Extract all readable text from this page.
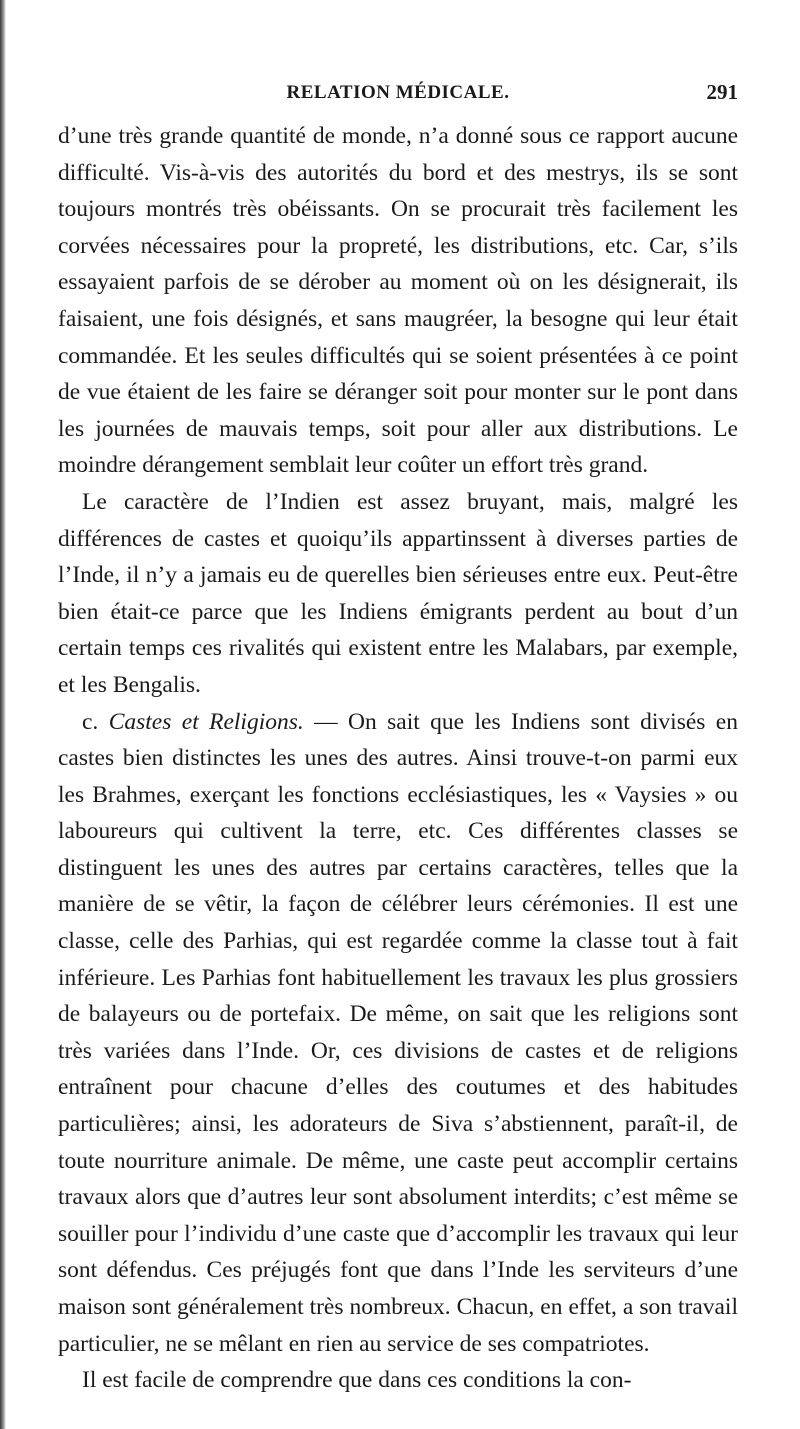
RELATION MÉDICALE.	291

d’une très grande quantité de monde, n’a donné sous ce rapport aucune difficulté. Vis-à-vis des autorités du bord et des mestrys, ils se sont toujours montrés très obéissants. On se procurait très facilement les corvées nécessaires pour la propreté, les distributions, etc. Car, s’ils essayaient parfois de se dérober au moment où on les désignerait, ils faisaient, une fois désignés, et sans maugréer, la besogne qui leur était commandée. Et les seules difficultés qui se soient présentées à ce point de vue étaient de les faire se déranger soit pour monter sur le pont dans les journées de mauvais temps, soit pour aller aux distributions. Le moindre dérangement semblait leur coûter un effort très grand.

Le caractère de l’Indien est assez bruyant, mais, malgré les différences de castes et quoiqu’ils appartinssent à diverses parties de l’Inde, il n’y a jamais eu de querelles bien sérieuses entre eux. Peut-être bien était-ce parce que les Indiens émigrants perdent au bout d’un certain temps ces rivalités qui existent entre les Malabars, par exemple, et les Bengalis.

c. Castes et Religions. — On sait que les Indiens sont divisés en castes bien distinctes les unes des autres. Ainsi trouve-t-on parmi eux les Brahmes, exerçant les fonctions ecclésiastiques, les « Vaysies » ou laboureurs qui cultivent la terre, etc. Ces différentes classes se distinguent les unes des autres par certains caractères, telles que la manière de se vêtir, la façon de célébrer leurs cérémonies. Il est une classe, celle des Parhias, qui est regardée comme la classe tout à fait inférieure. Les Parhias font habituellement les travaux les plus grossiers de balayeurs ou de portefaix. De même, on sait que les religions sont très variées dans l’Inde. Or, ces divisions de castes et de religions entraînent pour chacune d’elles des coutumes et des habitudes particulières; ainsi, les adorateurs de Siva s’abstiennent, paraît-il, de toute nourriture animale. De même, une caste peut accomplir certains travaux alors que d’autres leur sont absolument interdits; c’est même se souiller pour l’individu d’une caste que d’accomplir les travaux qui leur sont défendus. Ces préjugés font que dans l’Inde les serviteurs d’une maison sont généralement très nombreux. Chacun, en effet, a son travail particulier, ne se mêlant en rien au service de ses compatriotes.

Il est facile de comprendre que dans ces conditions la con-
